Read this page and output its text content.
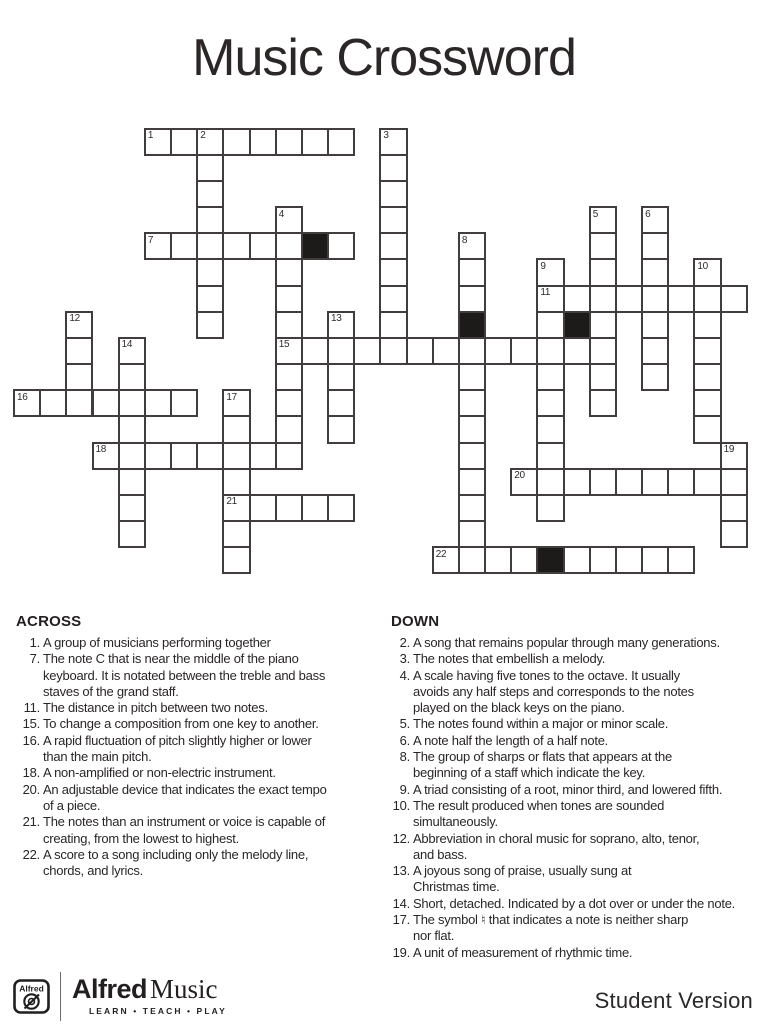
Music Crossword
1	2	3
4	5	6
7	8
9	10
11
12	13
14	15
16	17
18	19
20
21
22
ACROSS
1. A group of musicians performing together
7. The note C that is near the middle of the piano
keyboard. It is notated between the treble and bass
staves of the grand staff.
11. The distance in pitch between two notes.
15. To change a composition from one key to another.
16. A rapid fluctuation of pitch slightly higher or lower
than the main pitch.
18. A non-amplified or non-electric instrument.
20. An adjustable device that indicates the exact tempo
of a piece.
21. The notes than an instrument or voice is capable of
creating, from the lowest to highest.
22. A score to a song including only the melody line,
chords, and lyrics.
DOWN
2. A song that remains popular through many generations.
3. The notes that embellish a melody.
4. A scale having five tones to the octave. It usually
avoids any half steps and corresponds to the notes
played on the black keys on the piano.
5. The notes found within a major or minor scale.
6. A note half the length of a half note.
8. The group of sharps or flats that appears at the
beginning of a staff which indicate the key.
9. A triad consisting of a root, minor third, and lowered fifth.
10. The result produced when tones are sounded
simultaneously.
12. Abbreviation in choral music for soprano, alto, tenor,
and bass.
13. A joyous song of praise, usually sung at
Christmas time.
14. Short, detached. Indicated by a dot over or under the note.
17. The symbol ♮ that indicates a note is neither sharp
nor flat.
19. A unit of measurement of rhythmic time.
Alfred Alfred Music
LEARN • TEACH • PLAY	Student Version
